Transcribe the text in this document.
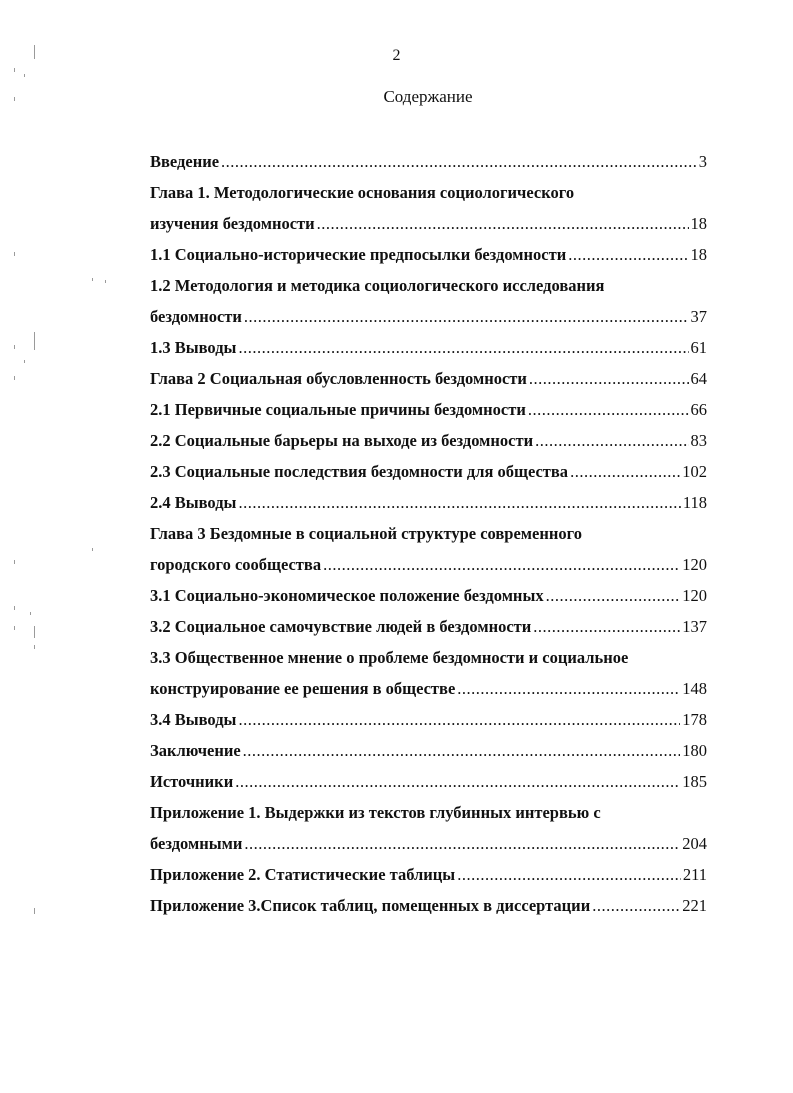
2
Содержание
Введение .....	3
Глава 1. Методологические основания социологического
изучения бездомности .....	18
1.1 Социально-исторические предпосылки бездомности .....	18
1.2 Методология и методика социологического исследования
бездомности .....	37
1.3 Выводы .....	61
Глава 2 Социальная обусловленность бездомности .....	64
2.1 Первичные социальные причины бездомности .....	66
2.2 Социальные барьеры на выходе из бездомности .....	83
2.3 Социальные последствия бездомности для общества .....	102
2.4 Выводы .....	118
Глава 3 Бездомные в социальной структуре современного
городского сообщества .....	120
3.1 Социально-экономическое положение бездомных .....	120
3.2 Социальное самочувствие людей в бездомности .....	137
3.3 Общественное мнение о проблеме бездомности и социальное
конструирование ее решения в обществе .....	148
3.4 Выводы .....	178
Заключение .....	180
Источники .....	185
Приложение 1. Выдержки из текстов глубинных интервью с
бездомными .....	204
Приложение 2. Статистические таблицы .....	211
Приложение 3.Список таблиц, помещенных в диссертации .....	221
